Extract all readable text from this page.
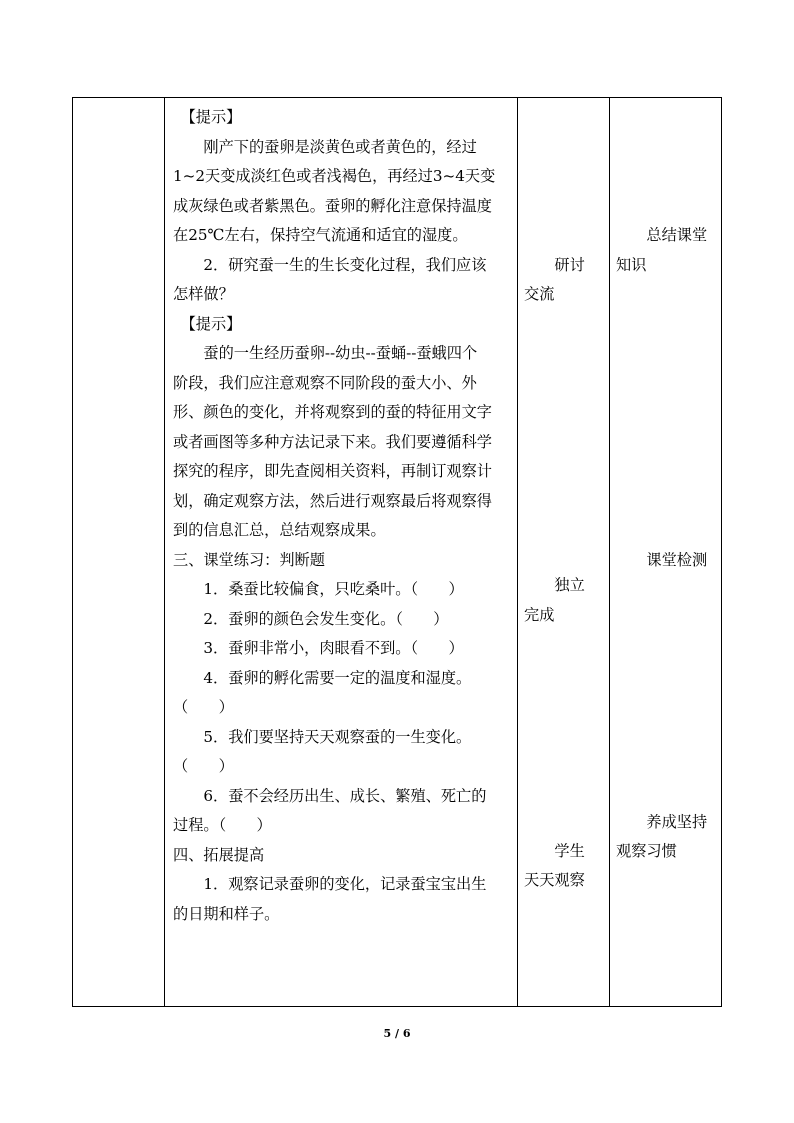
　【提示】
　　刚产下的蚕卵是淡黄色或者黄色的，经过
1~2天变成淡红色或者浅褐色，再经过3~4天变
成灰绿色或者紫黑色。蚕卵的孵化注意保持温度
在25℃左右，保持空气流通和适宜的湿度。
　　2．研究蚕一生的生长变化过程，我们应该
怎样做？
　【提示】
　　蚕的一生经历蚕卵--幼虫--蚕蛹--蚕蛾四个
阶段，我们应注意观察不同阶段的蚕大小、外
形、颜色的变化，并将观察到的蚕的特征用文字
或者画图等多种方法记录下来。我们要遵循科学
探究的程序，即先查阅相关资料，再制订观察计
划，确定观察方法，然后进行观察最后将观察得
到的信息汇总，总结观察成果。
三、课堂练习：判断题
　　1．桑蚕比较偏食，只吃桑叶。（　　）
　　2．蚕卵的颜色会发生变化。（　　）
　　3．蚕卵非常小，肉眼看不到。（　　）
　　4．蚕卵的孵化需要一定的温度和湿度。
（　　）
　　5．我们要坚持天天观察蚕的一生变化。
（　　）
　　6．蚕不会经历出生、成长、繁殖、死亡的
过程。（　　）
四、拓展提高
　　1．观察记录蚕卵的变化，记录蚕宝宝出生
的日期和样子。
　　研讨
交流
　　独立
完成
　　学生
天天观察
　　总结课堂
知识
　　课堂检测
　　养成坚持
观察习惯
5 / 6
